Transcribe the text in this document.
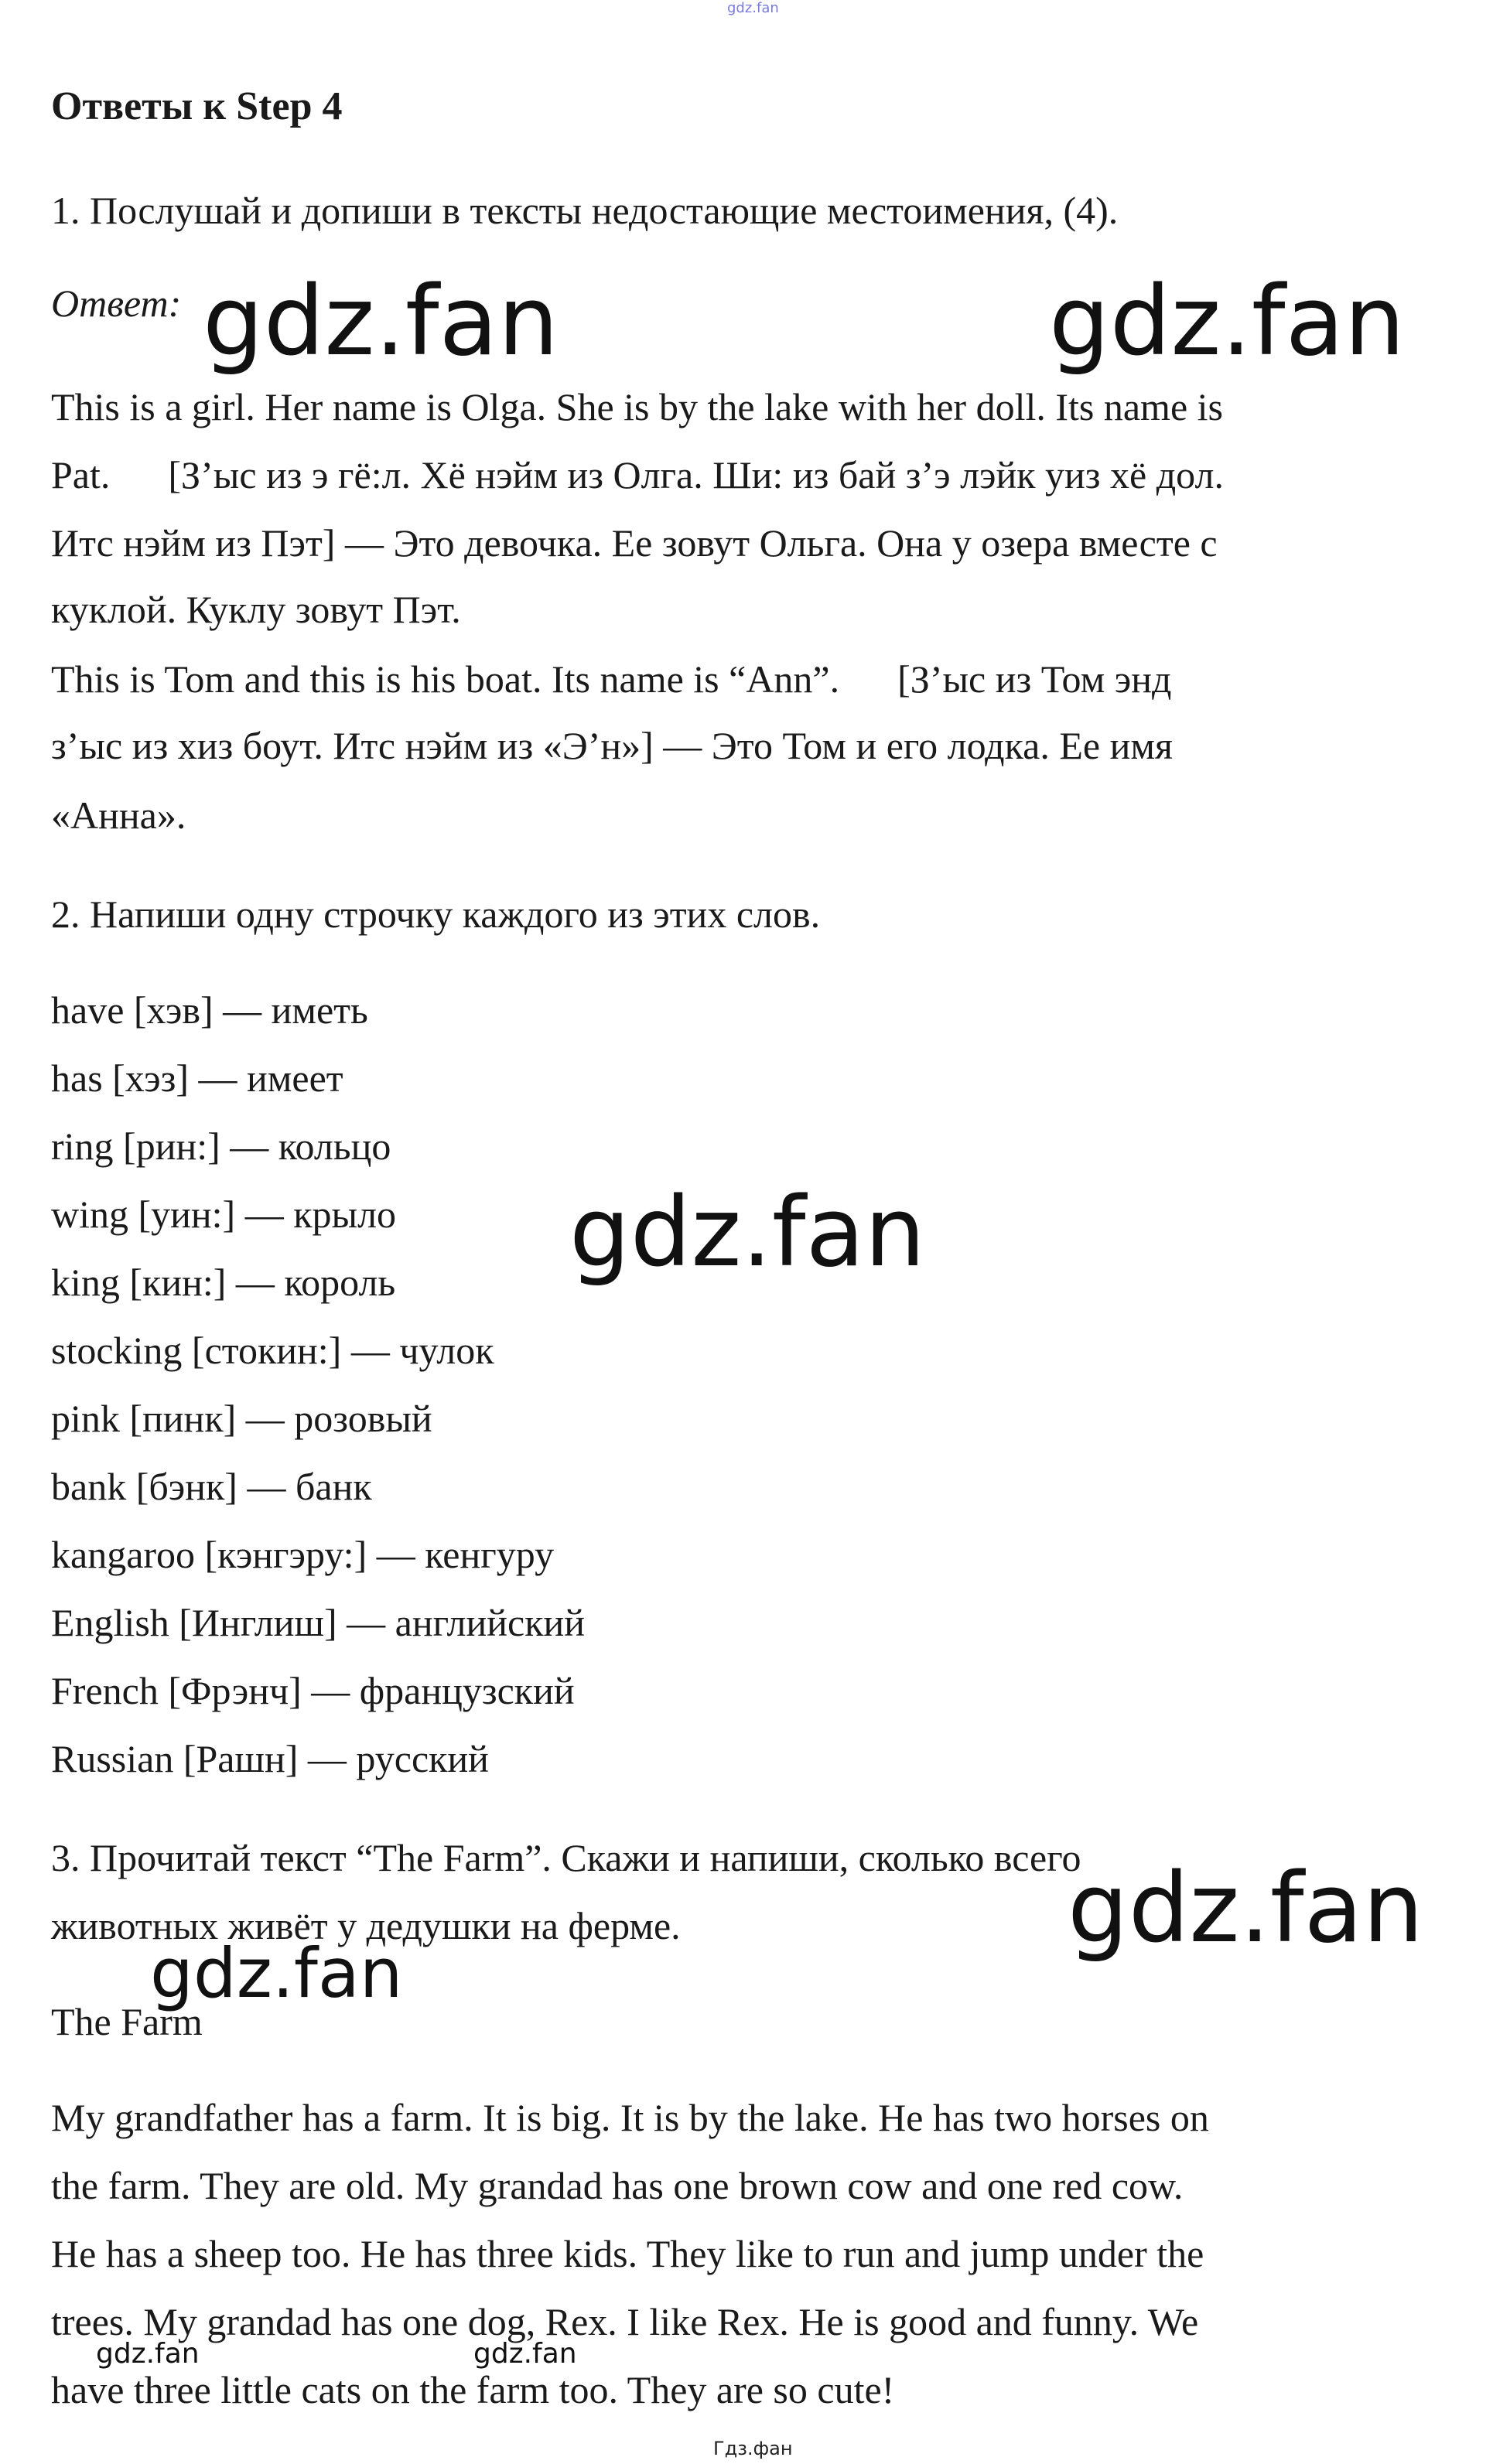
gdz.fan
Ответы к Step 4
1. Послушай и допиши в тексты недостающие местоимения, (4).
Ответ:
This is a girl. Her name is Olga. She is by the lake with her doll. Its name is
Pat.      [З’ыс из э гё:л. Хё нэйм из Олга. Ши: из бай з’э лэйк уиз хё дол.
Итс нэйм из Пэт] — Это девочка. Ее зовут Ольга. Она у озера вместе с
куклой. Куклу зовут Пэт.
This is Tom and this is his boat. Its name is “Ann”.      [З’ыс из Том энд
з’ыс из хиз боут. Итс нэйм из «Э’н»] — Это Том и его лодка. Ее имя
«Анна».
2. Напиши одну строчку каждого из этих слов.
have [хэв] — иметь
has [хэз] — имеет
ring [рин:] — кольцо
wing [уин:] — крыло
king [кин:] — король
stocking [стокин:] — чулок
pink [пинк] — розовый
bank [бэнк] — банк
kangaroo [кэнгэру:] — кенгуру
English [Инглиш] — английский
French [Фрэнч] — французский
Russian [Рашн] — русский
3. Прочитай текст “The Farm”. Скажи и напиши, сколько всего
животных живёт у дедушки на ферме.
The Farm
My grandfather has a farm. It is big. It is by the lake. He has two horses on
the farm. They are old. My grandad has one brown cow and one red cow.
He has a sheep too. He has three kids. They like to run and jump under the
trees. My grandad has one dog, Rex. I like Rex. He is good and funny. We
have three little cats on the farm too. They are so cute!
gdz.fan	gdz.fan
gdz.fan
gdz.fan
gdz.fan
gdz.fan	gdz.fan
Гдз.фан
